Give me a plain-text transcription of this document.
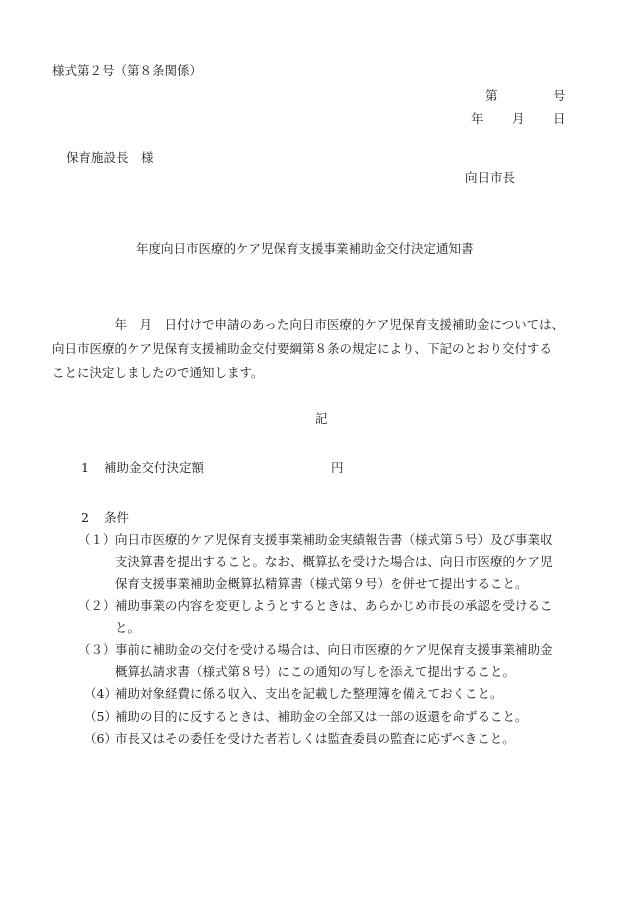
様式第２号（第８条関係）
第	号
年 月 日
保育施設長　様
向日市長
年度向日市医療的ケア児保育支援事業補助金交付決定通知書
　　　　　年　月　日付けで申請のあった向日市医療的ケア児保育支援補助金については、
向日市医療的ケア児保育支援補助金交付要綱第８条の規定により、下記のとおり交付する
ことに決定しましたので通知します。
記
1 補助金交付決定額	円
2 条件
（１） 向日市医療的ケア児保育支援事業補助金実績報告書（様式第５号）及び事業収
支決算書を提出すること。なお、概算払を受けた場合は、向日市医療的ケア児
保育支援事業補助金概算払精算書（様式第９号）を併せて提出すること。
（２） 補助事業の内容を変更しようとするときは、あらかじめ市長の承認を受けるこ
と。
（３） 事前に補助金の交付を受ける場合は、向日市医療的ケア児保育支援事業補助金
概算払請求書（様式第８号）にこの通知の写しを添えて提出すること。
（4）
補助対象経費に係る収入、支出を記載した整理簿を備えておくこと。
（5）
補助の目的に反するときは、補助金の全部又は一部の返還を命ずること。
（6）
市長又はその委任を受けた者若しくは監査委員の監査に応ずべきこと。
